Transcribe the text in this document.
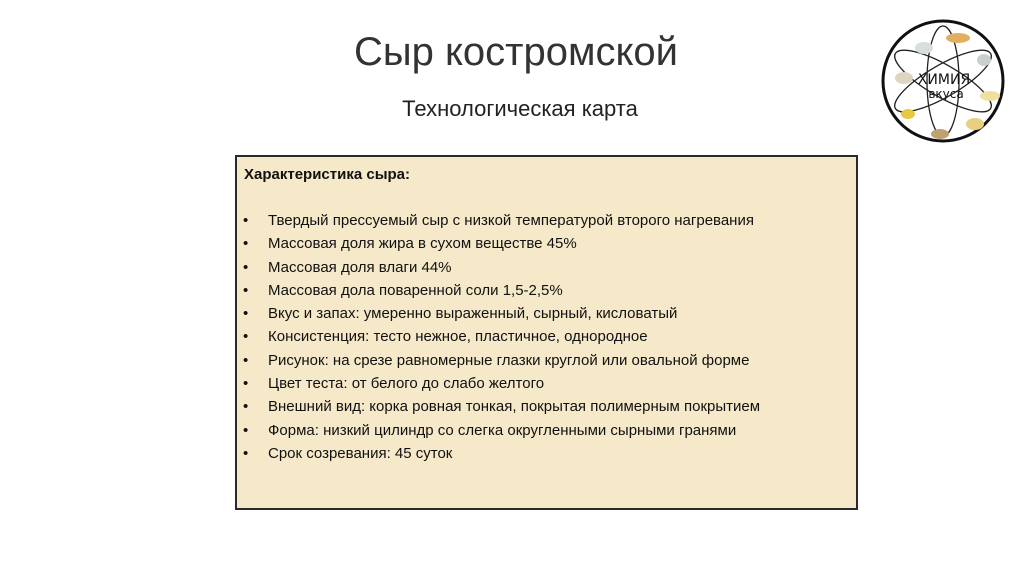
Сыр костромской
Технологическая карта
ХИМИЯ
вкуса
Характеристика сыра:
• Твердый прессуемый сыр с низкой температурой второго нагревания
• Массовая доля жира в сухом веществе 45%
• Массовая доля влаги 44%
• Массовая дола поваренной соли 1,5-2,5%
• Вкус и запах: умеренно выраженный, сырный, кисловатый
• Консистенция: тесто нежное, пластичное, однородное
• Рисунок: на срезе равномерные глазки круглой или овальной форме
• Цвет теста: от белого до слабо желтого
• Внешний вид: корка ровная тонкая, покрытая полимерным покрытием
• Форма: низкий цилиндр со слегка округленными сырными гранями
• Срок созревания: 45 суток
